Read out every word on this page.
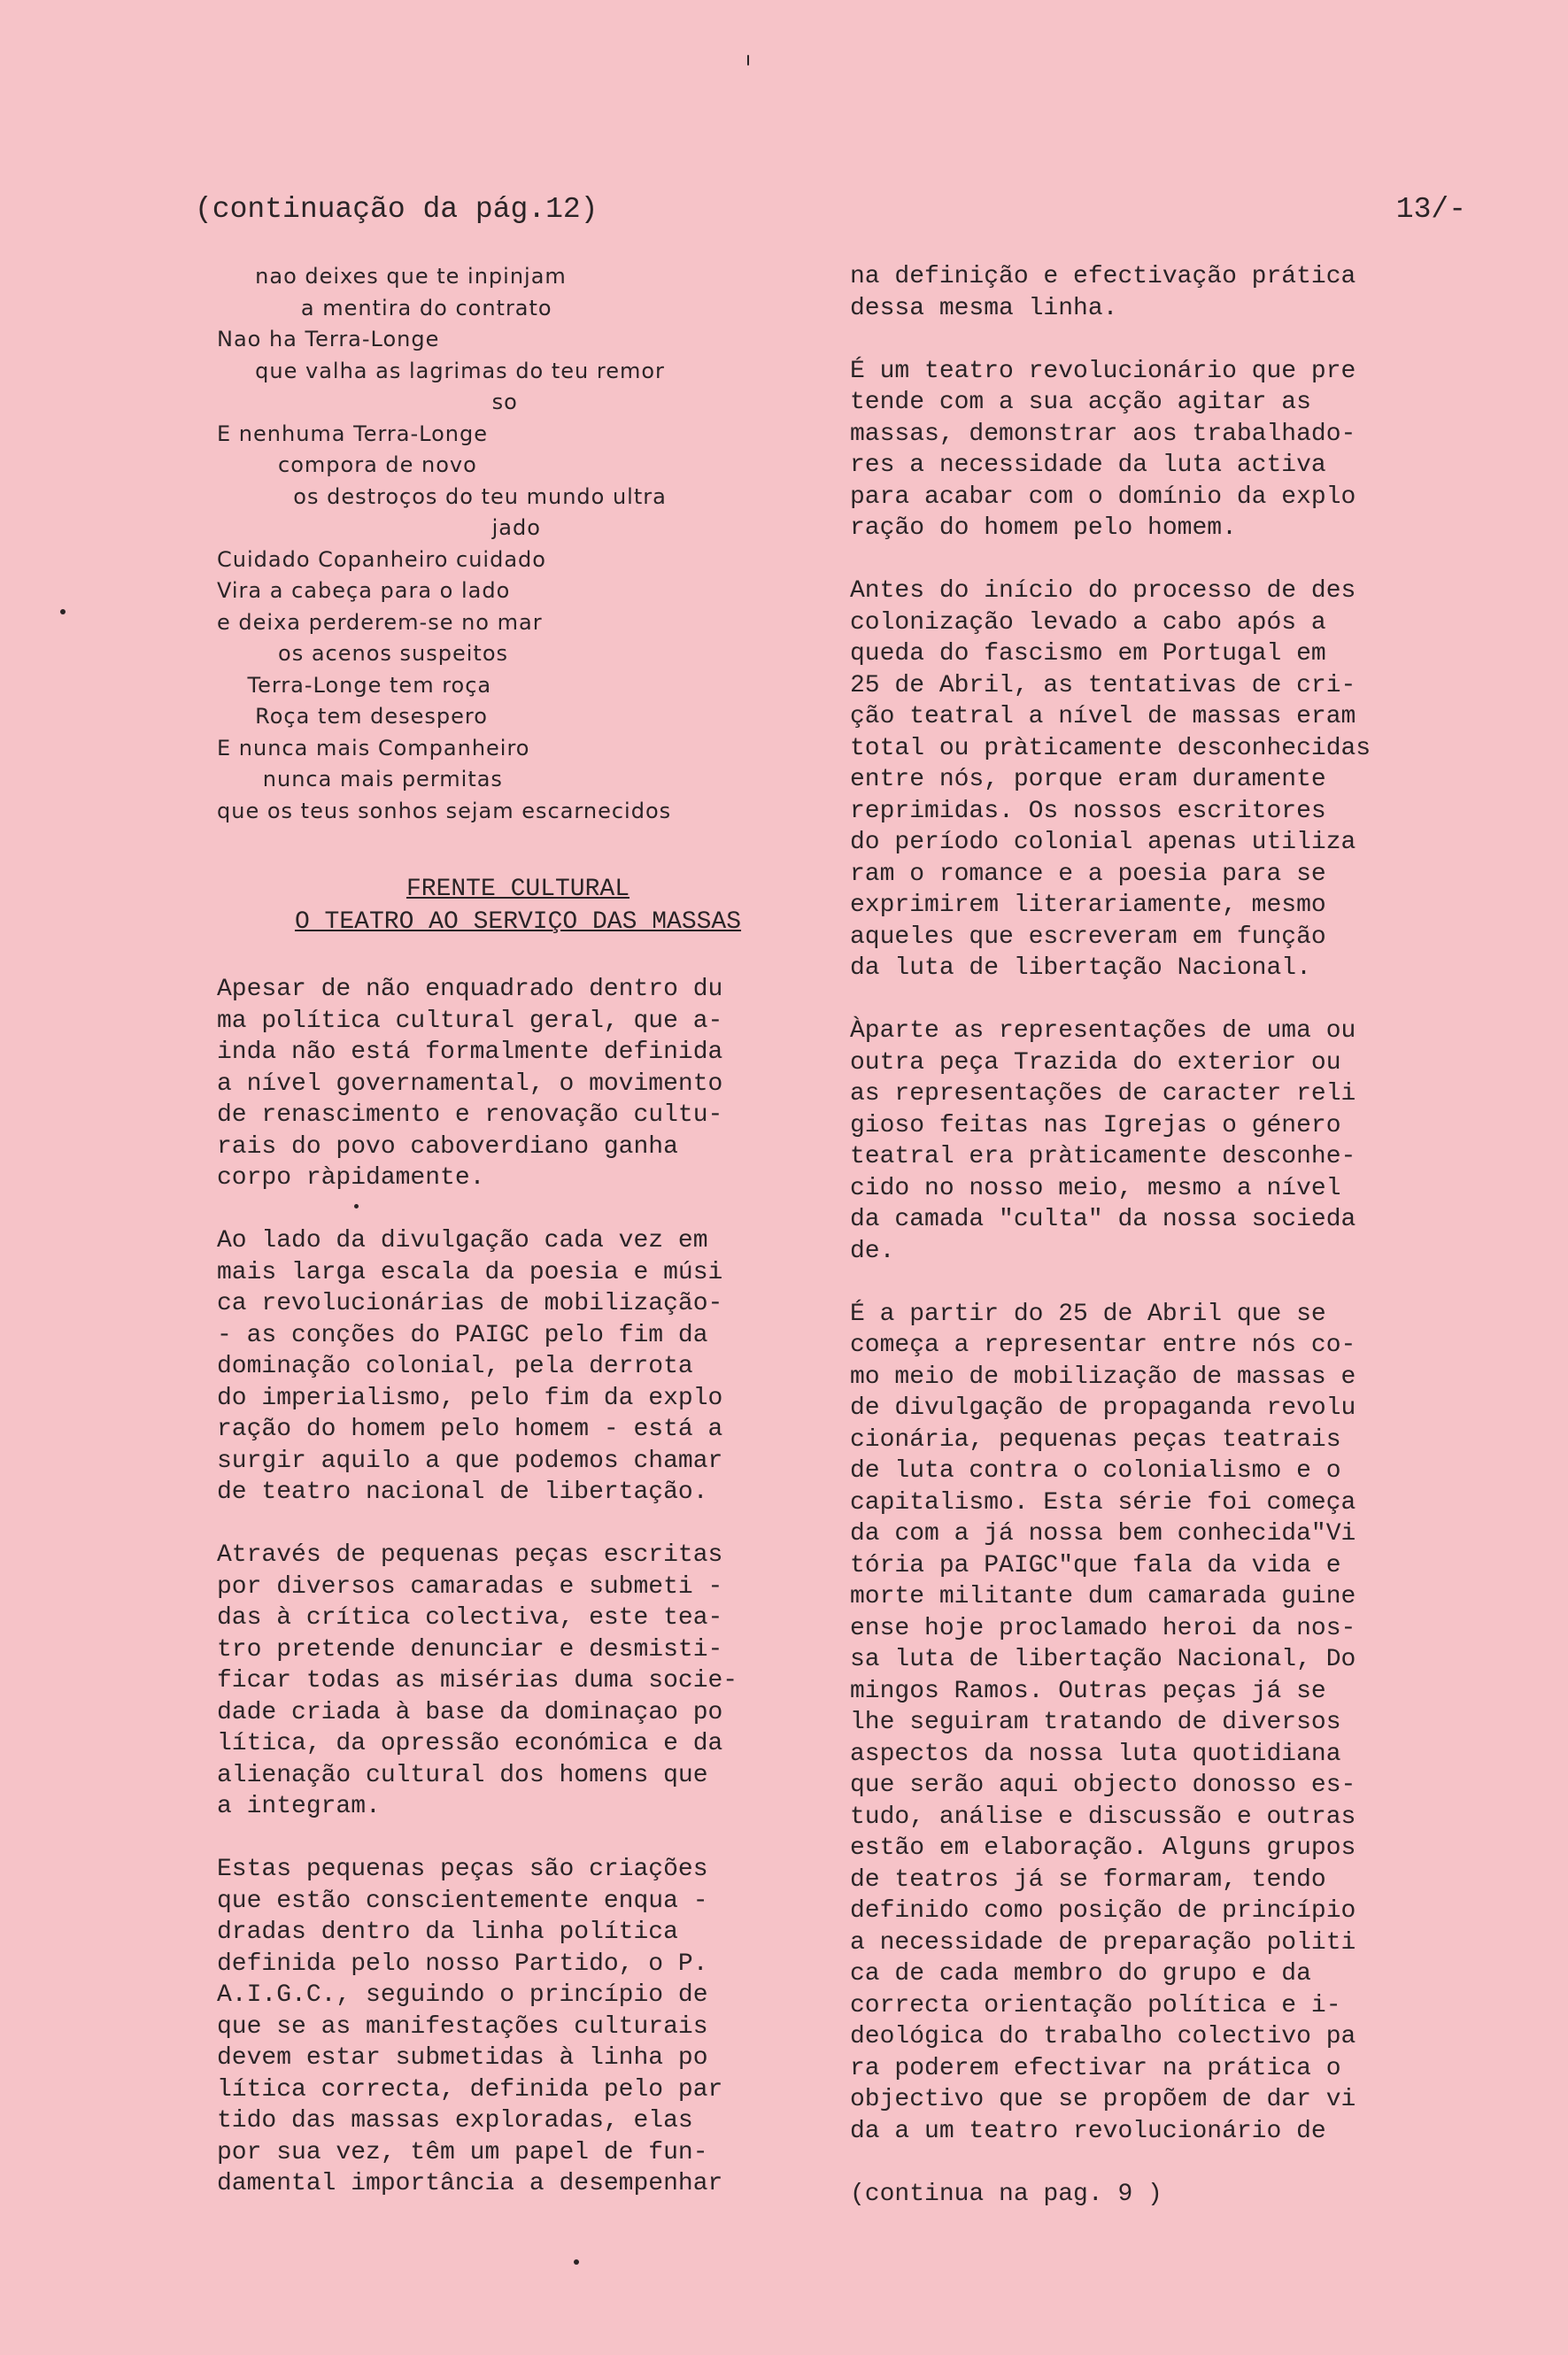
(continuação da pág.12)	13/-
nao deixes que te inpinjam
a mentira do contrato
Nao ha Terra-Longe
que valha as lagrimas do teu remor
so
E nenhuma Terra-Longe
compora de novo
os destroços do teu mundo ultra
jado
Cuidado Copanheiro cuidado
Vira a cabeça para o lado
e deixa perderem-se no mar
os acenos suspeitos
Terra-Longe tem roça
Roça tem desespero
E nunca mais Companheiro
nunca mais permitas
que os teus sonhos sejam escarnecidos
FRENTE CULTURAL
O TEATRO AO SERVIÇO DAS MASSAS

Apesar de não enquadrado dentro du
ma política cultural geral, que a-
inda não está formalmente definida
a nível governamental, o movimento
de renascimento e renovação cultu-
rais do povo caboverdiano ganha
corpo ràpidamente.

Ao lado da divulgação cada vez em
mais larga escala da poesia e músi
ca revolucionárias de mobilização-
- as conções do PAIGC pelo fim da
dominação colonial, pela derrota
do imperialismo, pelo fim da explo
ração do homem pelo homem - está a
surgir aquilo a que podemos chamar
de teatro nacional de libertação.

Através de pequenas peças escritas
por diversos camaradas e submeti -
das à crítica colectiva, este tea-
tro pretende denunciar e desmisti-
ficar todas as misérias duma socie-
dade criada à base da dominaçao po
lítica, da opressão económica e da
alienação cultural dos homens que
a integram.

Estas pequenas peças são criações
que estão conscientemente enqua -
dradas dentro da linha política
definida pelo nosso Partido, o P.
A.I.G.C., seguindo o princípio de
que se as manifestações culturais
devem estar submetidas à linha po
lítica correcta, definida pelo par
tido das massas exploradas, elas
por sua vez, têm um papel de fun-
damental importância a desempenhar

na definição e efectivação prática
dessa mesma linha.

É um teatro revolucionário que pre
tende com a sua acção agitar as
massas, demonstrar aos trabalhado-
res a necessidade da luta activa
para acabar com o domínio da explo
ração do homem pelo homem.

Antes do início do processo de des
colonização levado a cabo após a
queda do fascismo em Portugal em
25 de Abril, as tentativas de cri-
ção teatral a nível de massas eram
total ou pràticamente desconhecidas
entre nós, porque eram duramente
reprimidas. Os nossos escritores
do período colonial apenas utiliza
ram o romance e a poesia para se
exprimirem literariamente, mesmo
aqueles que escreveram em função
da luta de libertação Nacional.

Àparte as representações de uma ou
outra peça Trazida do exterior ou
as representações de caracter reli
gioso feitas nas Igrejas o género
teatral era pràticamente desconhe-
cido no nosso meio, mesmo a nível
da camada "culta" da nossa socieda
de.

É a partir do 25 de Abril que se
começa a representar entre nós co-
mo meio de mobilização de massas e
de divulgação de propaganda revolu
cionária, pequenas peças teatrais
de luta contra o colonialismo e o
capitalismo. Esta série foi começa
da com a já nossa bem conhecida"Vi
tória pa PAIGC"que fala da vida e
morte militante dum camarada guine
ense hoje proclamado heroi da nos-
sa luta de libertação Nacional, Do
mingos Ramos. Outras peças já se
lhe seguiram tratando de diversos
aspectos da nossa luta quotidiana
que serão aqui objecto donosso es-
tudo, análise e discussão e outras
estão em elaboração. Alguns grupos
de teatros já se formaram, tendo
definido como posição de princípio
a necessidade de preparação politi
ca de cada membro do grupo e da
correcta orientação política e i-
deológica do trabalho colectivo pa
ra poderem efectivar na prática o
objectivo que se propõem de dar vi
da a um teatro revolucionário de

(continua na pag. 9 )
